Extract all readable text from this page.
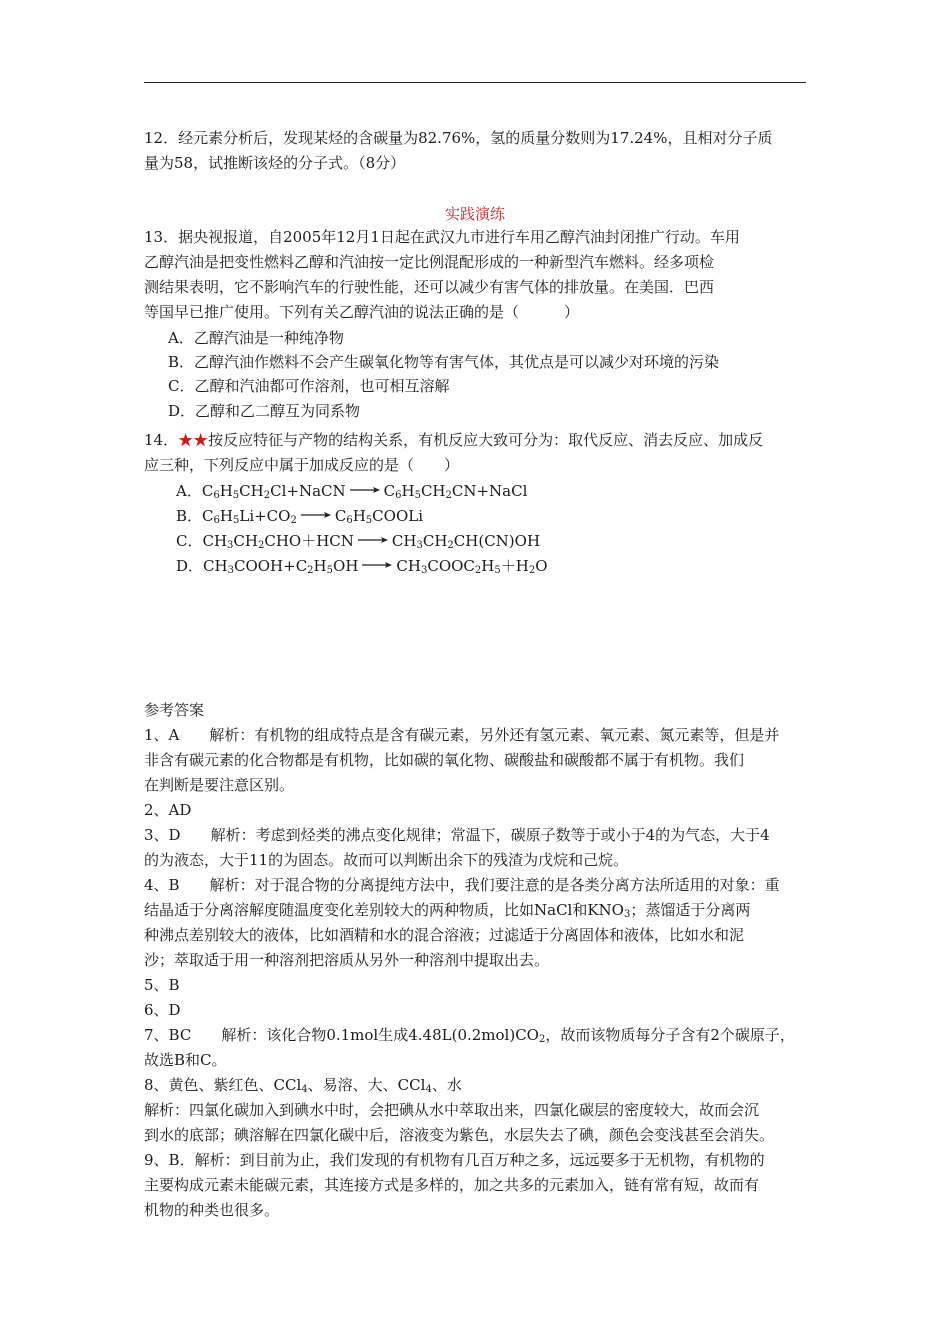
12．经元素分析后，发现某烃的含碳量为82.76%，氢的质量分数则为17.24%，且相对分子质
量为58，试推断该烃的分子式。（8分）
实践演练
13．据央视报道，自2005年12月1日起在武汉九市进行车用乙醇汽油封闭推广行动。车用
乙醇汽油是把变性燃料乙醇和汽油按一定比例混配形成的一种新型汽车燃料。经多项检
测结果表明，它不影响汽车的行驶性能，还可以减少有害气体的排放量。在美国．巴西
等国早已推广使用。下列有关乙醇汽油的说法正确的是（　　　）
A．乙醇汽油是一种纯净物
B．乙醇汽油作燃料不会产生碳氧化物等有害气体，其优点是可以减少对环境的污染
C．乙醇和汽油都可作溶剂，也可相互溶解
D．乙醇和乙二醇互为同系物
14．★★按反应特征与产物的结构关系，有机反应大致可分为：取代反应、消去反应、加成反
应三种，下列反应中属于加成反应的是（　　）
A．$C_6H_5CH_2Cl+NaCN$ → $C_6H_5CH_2CN+NaCl$
B．$C_6H_5Li+CO_2$ → $C_6H_5COOLi$
C．$CH_3CH_2CHO+HCN \to CH_3CH_2CH(CN)OH$
D．$CH_3COOH+C_2H_5OH$ → $CH_3COOC_2H_5+H_2O$
参考答案
1、A　　解析：有机物的组成特点是含有碳元素，另外还有氢元素、氧元素、氮元素等，但是并
非含有碳元素的化合物都是有机物，比如碳的氧化物、碳酸盐和碳酸都不属于有机物。我们
在判断是要注意区别。
2、AD
3、D　　解析：考虑到烃类的沸点变化规律；常温下，碳原子数等于或小于4的为气态，大于4
的为液态，大于11的为固态。故而可以判断出余下的残渣为戊烷和己烷。
4、B　　解析：对于混合物的分离提纯方法中，我们要注意的是各类分离方法所适用的对象：重
结晶适于分离溶解度随温度变化差别较大的两种物质，比如NaCl和$KNO_3$；蒸馏适于分离两
种沸点差别较大的液体，比如酒精和水的混合溶液；过滤适于分离固体和液体，比如水和泥
沙；萃取适于用一种溶剂把溶质从另外一种溶剂中提取出去。
5、B
6、D
7、BC　　解析：该化合物0.1mol生成$4.48L(0.2mol)CO_2$，故而该物质每分子含有2个碳原子，
故选B和C。
8、黄色、紫红色、CCl$_4$、易溶、大、CCl$_4$、水
解析：四氯化碳加入到碘水中时，会把碘从水中萃取出来，四氯化碳层的密度较大，故而会沉
到水的底部；碘溶解在四氯化碳中后，溶液变为紫色，水层失去了碘，颜色会变浅甚至会消失。
9、B．解析：到目前为止，我们发现的有机物有几百万种之多，远远要多于无机物，有机物的
主要构成元素未能碳元素，其连接方式是多样的，加之共多的元素加入，链有常有短，故而有
机物的种类也很多。
